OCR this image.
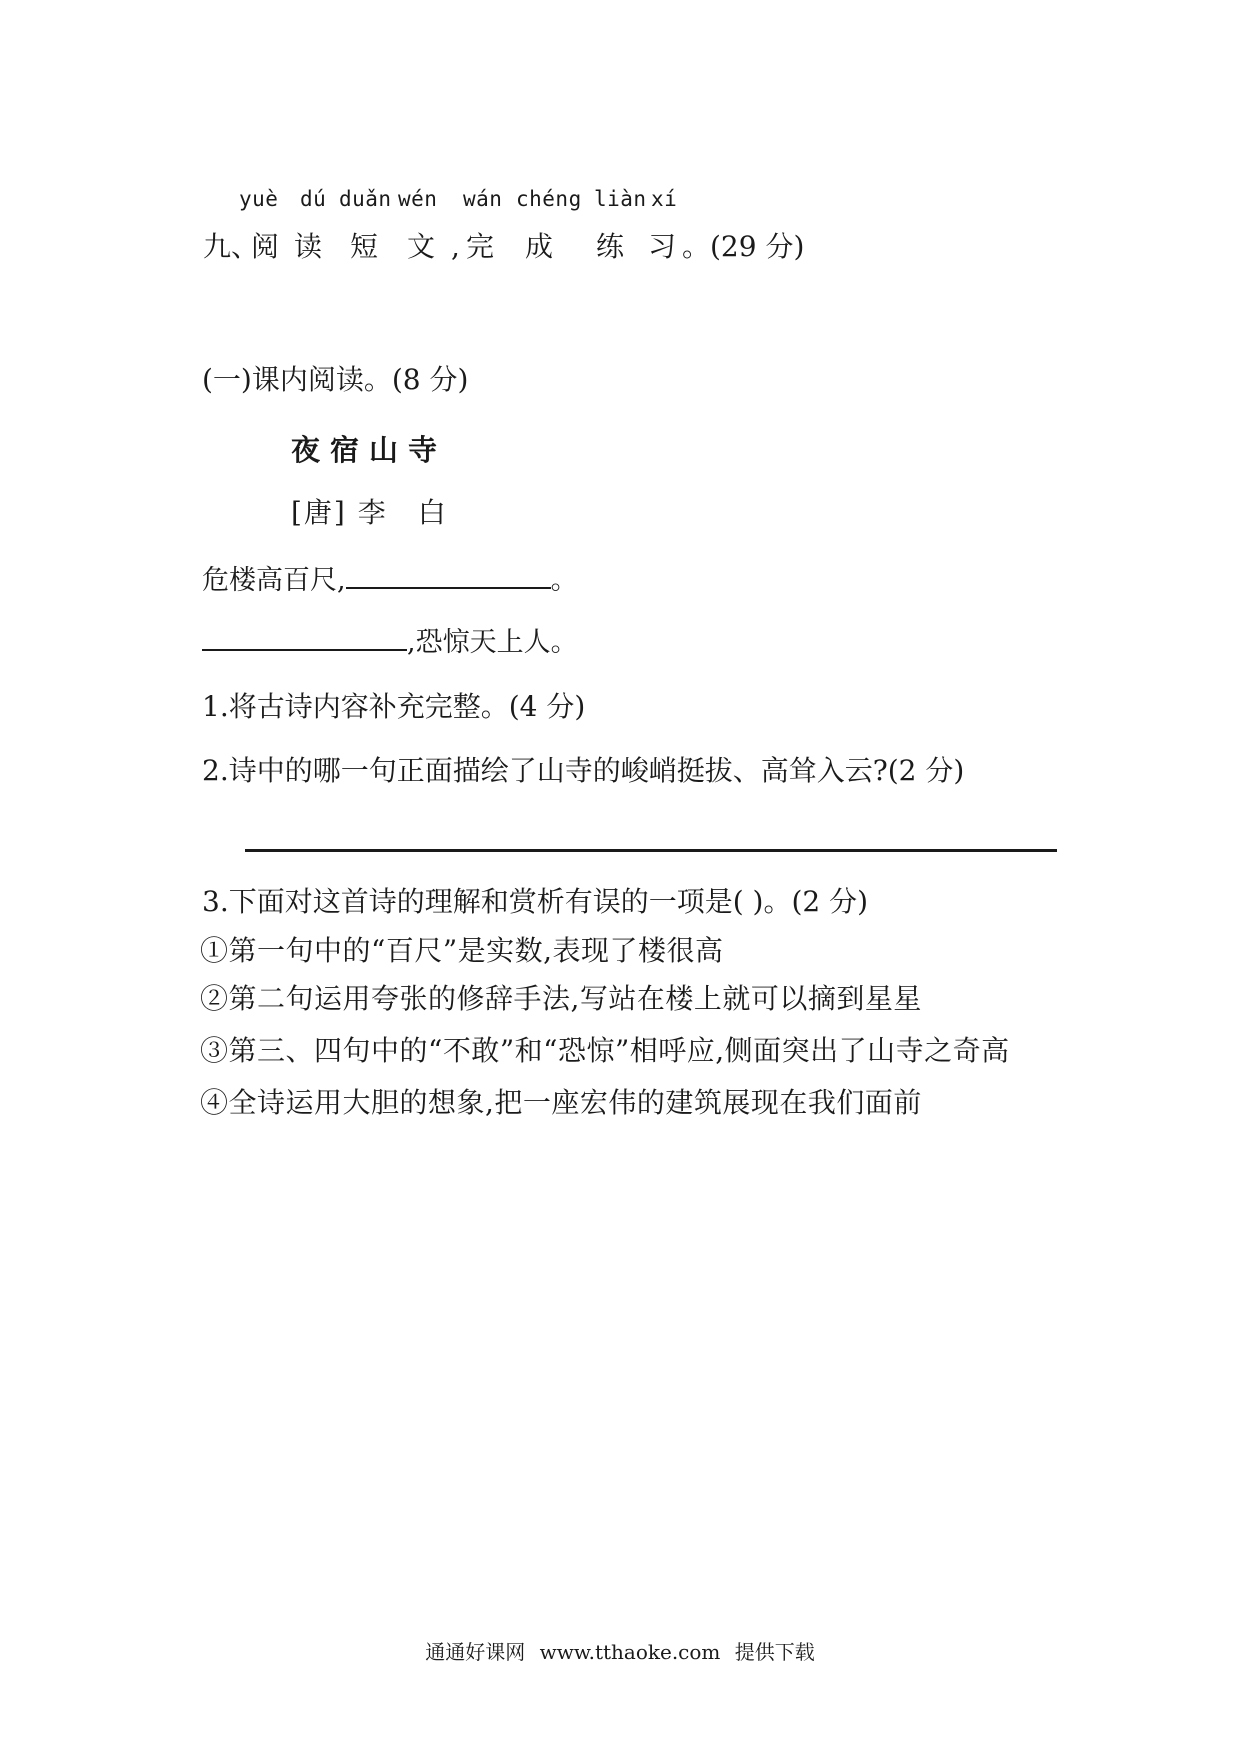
yuè dú duǎn wén wán chéng liàn xí
九、
阅 读 短 文 , 完 成 练 习 。(29 分)
(一)课内阅读。(8 分)
夜宿山寺
[唐] 李白
危楼高百尺,	。
,恐惊天上人。
1.将古诗内容补充完整。(4 分)
2.诗中的哪一句正面描绘了山寺的峻峭挺拔、高耸入云?(2 分)
3.下面对这首诗的理解和赏析有误的一项是( )。(2 分)
①第一句中的“百尺”是实数,表现了楼很高
②第二句运用夸张的修辞手法,写站在楼上就可以摘到星星
③第三、四句中的“不敢”和“恐惊”相呼应,侧面突出了山寺之奇高
④全诗运用大胆的想象,把一座宏伟的建筑展现在我们面前
通通好课网 www.tthaoke.com 提供下载
